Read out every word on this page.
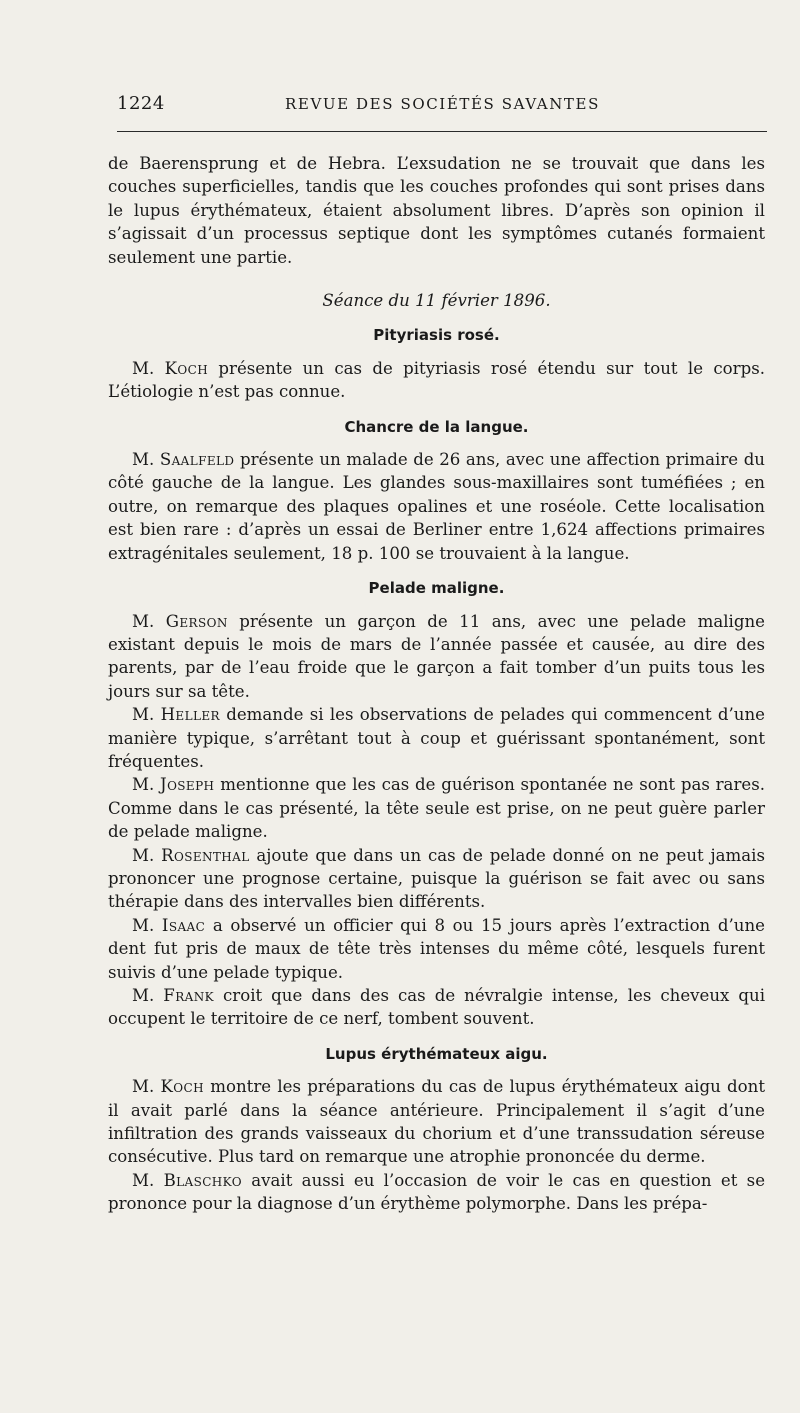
1224	REVUE DES SOCIÉTÉS SAVANTES

de Baerensprung et de Hebra. L’exsudation ne se trouvait que dans les couches superficielles, tandis que les couches profondes qui sont prises dans le lupus érythémateux, étaient absolument libres. D’après son opinion il s’agissait d’un processus septique dont les symptômes cutanés formaient seulement une partie.

Séance du 11 février 1896.
Pityriasis rosé.

M. Koch présente un cas de pityriasis rosé étendu sur tout le corps. L’étiologie n’est pas connue.

Chancre de la langue.

M. Saalfeld présente un malade de 26 ans, avec une affection primaire du côté gauche de la langue. Les glandes sous-maxillaires sont tuméfiées ; en outre, on remarque des plaques opalines et une roséole. Cette localisation est bien rare : d’après un essai de Berliner entre 1,624 affections primaires extragénitales seulement, 18 p. 100 se trouvaient à la langue.

Pelade maligne.

M. Gerson présente un garçon de 11 ans, avec une pelade maligne existant depuis le mois de mars de l’année passée et causée, au dire des parents, par de l’eau froide que le garçon a fait tomber d’un puits tous les jours sur sa tête.

M. Heller demande si les observations de pelades qui commencent d’une manière typique, s’arrêtant tout à coup et guérissant spontanément, sont fréquentes.

M. Joseph mentionne que les cas de guérison spontanée ne sont pas rares. Comme dans le cas présenté, la tête seule est prise, on ne peut guère parler de pelade maligne.

M. Rosenthal ajoute que dans un cas de pelade donné on ne peut jamais prononcer une prognose certaine, puisque la guérison se fait avec ou sans thérapie dans des intervalles bien différents.

M. Isaac a observé un officier qui 8 ou 15 jours après l’extraction d’une dent fut pris de maux de tête très intenses du même côté, lesquels furent suivis d’une pelade typique.

M. Frank croit que dans des cas de névralgie intense, les cheveux qui occupent le territoire de ce nerf, tombent souvent.

Lupus érythémateux aigu.

M. Koch montre les préparations du cas de lupus érythémateux aigu dont il avait parlé dans la séance antérieure. Principalement il s’agit d’une infiltration des grands vaisseaux du chorium et d’une transsudation séreuse consécutive. Plus tard on remarque une atrophie prononcée du derme.

M. Blaschko avait aussi eu l’occasion de voir le cas en question et se prononce pour la diagnose d’un érythème polymorphe. Dans les prépa-
